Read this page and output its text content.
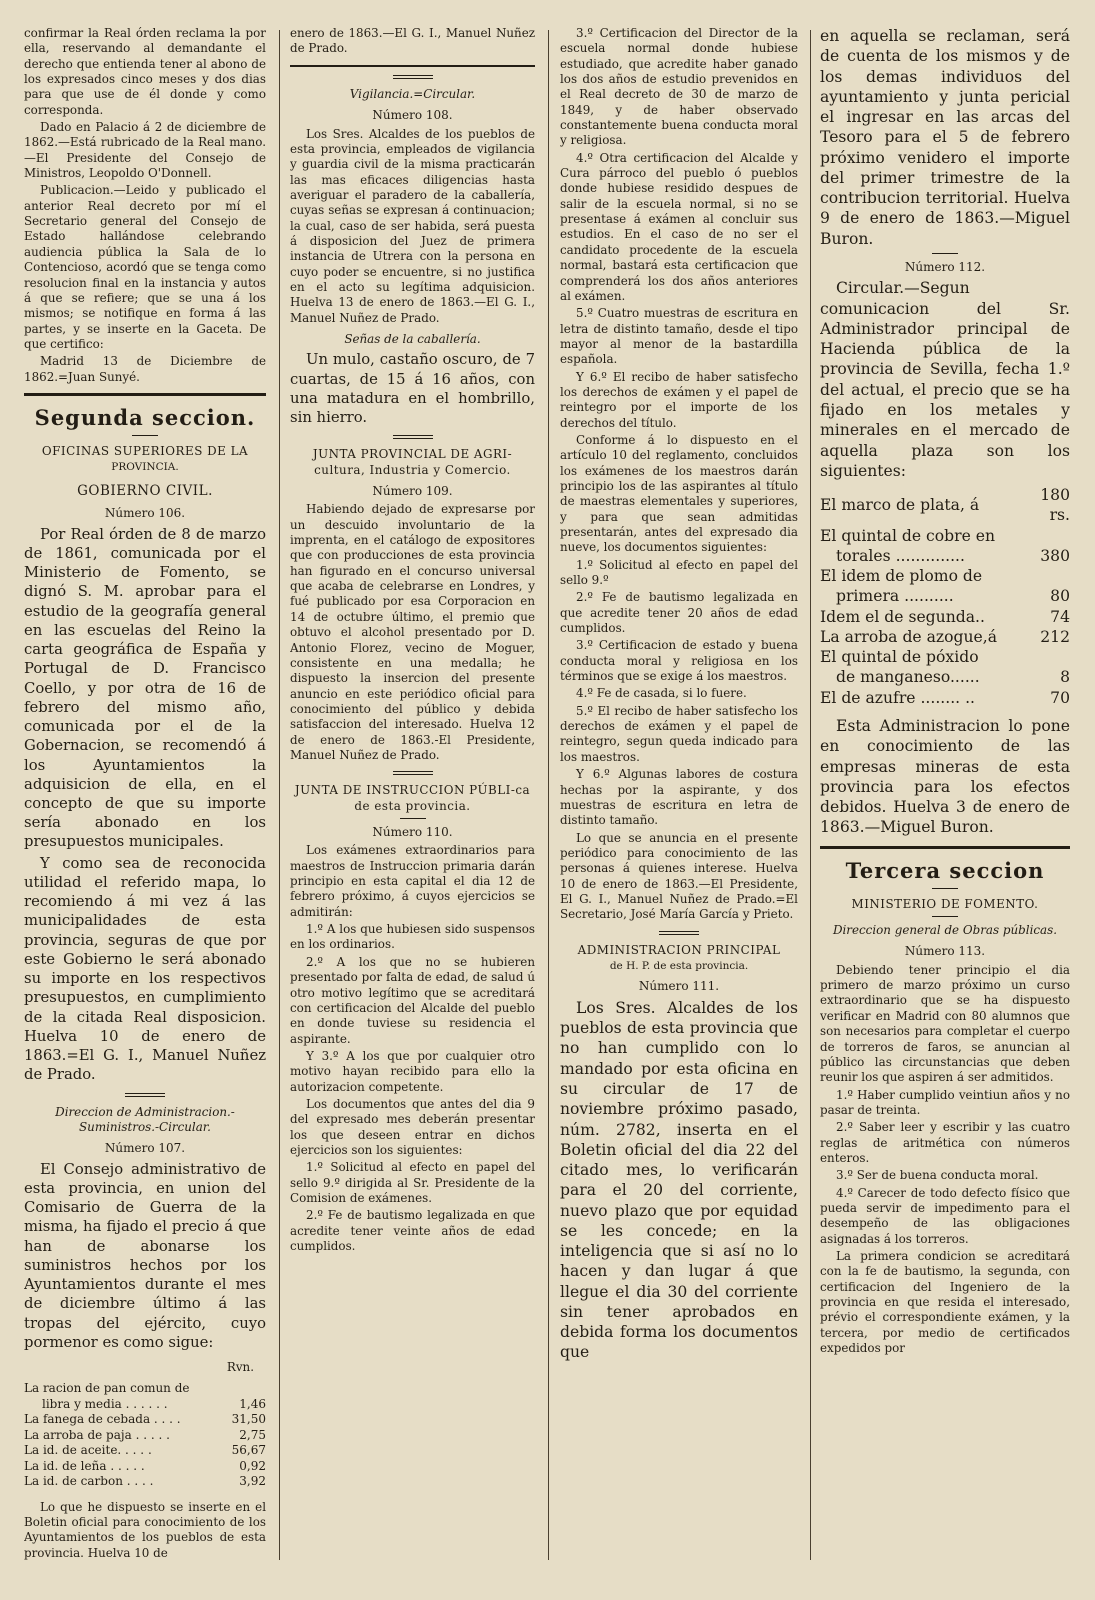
confirmar la Real órden reclama la por ella, reservando al demandante el derecho que entienda tener al abono de los expresados cinco meses y dos dias para que use de él donde y como corresponda.

Dado en Palacio á 2 de diciembre de 1862.—Está rubricado de la Real mano.—El Presidente del Consejo de Ministros, Leopoldo O'Donnell.

Publicacion.—Leido y publicado el anterior Real decreto por mí el Secretario general del Consejo de Estado hallándose celebrando audiencia pública la Sala de lo Contencioso, acordó que se tenga como resolucion final en la instancia y autos á que se refiere; que se una á los mismos; se notifique en forma á las partes, y se inserte en la Gaceta. De que certifico:

Madrid 13 de Diciembre de 1862.=Juan Sunyé.

Segunda seccion.
OFICINAS SUPERIORES DE LA
PROVINCIA.
GOBIERNO CIVIL.
Número 106.

Por Real órden de 8 de marzo de 1861, comunicada por el Ministerio de Fomento, se dignó S. M. aprobar para el estudio de la geografía general en las escuelas del Reino la carta geográfica de España y Portugal de D. Francisco Coello, y por otra de 16 de febrero del mismo año, comunicada por el de la Gobernacion, se recomendó á los Ayuntamientos la adquisicion de ella, en el concepto de que su importe sería abonado en los presupuestos municipales.

Y como sea de reconocida utilidad el referido mapa, lo recomiendo á mi vez á las municipalidades de esta provincia, seguras de que por este Gobierno le será abonado su importe en los respectivos presupuestos, en cumplimiento de la citada Real disposicion. Huelva 10 de enero de 1863.=El G. I., Manuel Nuñez de Prado.

Direccion de Administracion.-Suministros.-Circular.
Número 107.

El Consejo administrativo de esta provincia, en union del Comisario de Guerra de la misma, ha fijado el precio á que han de abonarse los suministros hechos por los Ayuntamientos durante el mes de diciembre último á las tropas del ejército, cuyo pormenor es como sigue:

Rvn.
La racion de pan comun de	
libra y media . . . . . .	1,46
La fanega de cebada . . . .	31,50
La arroba de paja . . . . .	2,75
La id. de aceite. . . . .	56,67
La id. de leña . . . . .	0,92
La id. de carbon . . . .	3,92

Lo que he dispuesto se inserte en el Boletin oficial para conocimiento de los Ayuntamientos de los pueblos de esta provincia. Huelva 10 de

enero de 1863.—El G. I., Manuel Nuñez de Prado.

Vigilancia.=Circular.
Número 108.

Los Sres. Alcaldes de los pueblos de esta provincia, empleados de vigilancia y guardia civil de la misma practicarán las mas eficaces diligencias hasta averiguar el paradero de la caballería, cuyas señas se expresan á continuacion; la cual, caso de ser habida, será puesta á disposicion del Juez de primera instancia de Utrera con la persona en cuyo poder se encuentre, si no justifica en el acto su legítima adquisicion. Huelva 13 de enero de 1863.—El G. I., Manuel Nuñez de Prado.

Señas de la caballería.

Un mulo, castaño oscuro, de 7 cuartas, de 15 á 16 años, con una matadura en el hombrillo, sin hierro.

JUNTA PROVINCIAL DE AGRI-cultura, Industria y Comercio.
Número 109.

Habiendo dejado de expresarse por un descuido involuntario de la imprenta, en el catálogo de expositores que con producciones de esta provincia han figurado en el concurso universal que acaba de celebrarse en Londres, y fué publicado por esa Corporacion en 14 de octubre último, el premio que obtuvo el alcohol presentado por D. Antonio Florez, vecino de Moguer, consistente en una medalla; he dispuesto la insercion del presente anuncio en este periódico oficial para conocimiento del público y debida satisfaccion del interesado. Huelva 12 de enero de 1863.-El Presidente, Manuel Nuñez de Prado.

JUNTA DE INSTRUCCION PÚBLI-ca de esta provincia.
Número 110.

Los exámenes extraordinarios para maestros de Instruccion primaria darán principio en esta capital el dia 12 de febrero próximo, á cuyos ejercicios se admitirán:

1.º A los que hubiesen sido suspensos en los ordinarios.

2.º A los que no se hubieren presentado por falta de edad, de salud ú otro motivo legítimo que se acreditará con certificacion del Alcalde del pueblo en donde tuviese su residencia el aspirante.

Y 3.º A los que por cualquier otro motivo hayan recibido para ello la autorizacion competente.

Los documentos que antes del dia 9 del expresado mes deberán presentar los que deseen entrar en dichos ejercicios son los siguientes:

1.º Solicitud al efecto en papel del sello 9.º dirigida al Sr. Presidente de la Comision de exámenes.

2.º Fe de bautismo legalizada en que acredite tener veinte años de edad cumplidos.

3.º Certificacion del Director de la escuela normal donde hubiese estudiado, que acredite haber ganado los dos años de estudio prevenidos en el Real decreto de 30 de marzo de 1849, y de haber observado constantemente buena conducta moral y religiosa.

4.º Otra certificacion del Alcalde y Cura párroco del pueblo ó pueblos donde hubiese residido despues de salir de la escuela normal, si no se presentase á exámen al concluir sus estudios. En el caso de no ser el candidato procedente de la escuela normal, bastará esta certificacion que comprenderá los dos años anteriores al exámen.

5.º Cuatro muestras de escritura en letra de distinto tamaño, desde el tipo mayor al menor de la bastardilla española.

Y 6.º El recibo de haber satisfecho los derechos de exámen y el papel de reintegro por el importe de los derechos del título.

Conforme á lo dispuesto en el artículo 10 del reglamento, concluidos los exámenes de los maestros darán principio los de las aspirantes al título de maestras elementales y superiores, y para que sean admitidas presentarán, antes del expresado dia nueve, los documentos siguientes:

1.º Solicitud al efecto en papel del sello 9.º

2.º Fe de bautismo legalizada en que acredite tener 20 años de edad cumplidos.

3.º Certificacion de estado y buena conducta moral y religiosa en los términos que se exige á los maestros.

4.º Fe de casada, si lo fuere.

5.º El recibo de haber satisfecho los derechos de exámen y el papel de reintegro, segun queda indicado para los maestros.

Y 6.º Algunas labores de costura hechas por la aspirante, y dos muestras de escritura en letra de distinto tamaño.

Lo que se anuncia en el presente periódico para conocimiento de las personas á quienes interese. Huelva 10 de enero de 1863.—El Presidente, El G. I., Manuel Nuñez de Prado.=El Secretario, José María García y Prieto.

ADMINISTRACION PRINCIPAL
de H. P. de esta provincia.
Número 111.

Los Sres. Alcaldes de los pueblos de esta provincia que no han cumplido con lo mandado por esta oficina en su circular de 17 de noviembre próximo pasado, núm. 2782, inserta en el Boletin oficial del dia 22 del citado mes, lo verificarán para el 20 del corriente, nuevo plazo que por equidad se les concede; en la inteligencia que si así no lo hacen y dan lugar á que llegue el dia 30 del corriente sin tener aprobados en debida forma los documentos que

en aquella se reclaman, será de cuenta de los mismos y de los demas individuos del ayuntamiento y junta pericial el ingresar en las arcas del Tesoro para el 5 de febrero próximo venidero el importe del primer trimestre de la contribucion territorial. Huelva 9 de enero de 1863.—Miguel Buron.

Número 112.

Circular.—Segun comunicacion del Sr. Administrador principal de Hacienda pública de la provincia de Sevilla, fecha 1.º del actual, el precio que se ha fijado en los metales y minerales en el mercado de aquella plaza son los siguientes:

El marco de plata, á	180 rs.
El quintal de cobre en	
torales ..............	380
El idem de plomo de	
primera ..........	80
Idem el de segunda..	74
La arroba de azogue,á	212
El quintal de póxido	
de manganeso......	8
El de azufre ........ ..	70

Esta Administracion lo pone en conocimiento de las empresas mineras de esta provincia para los efectos debidos. Huelva 3 de enero de 1863.—Miguel Buron.

Tercera seccion
MINISTERIO DE FOMENTO.
Direccion general de Obras públicas.
Número 113.

Debiendo tener principio el dia primero de marzo próximo un curso extraordinario que se ha dispuesto verificar en Madrid con 80 alumnos que son necesarios para completar el cuerpo de torreros de faros, se anuncian al público las circunstancias que deben reunir los que aspiren á ser admitidos.

1.º Haber cumplido veintiun años y no pasar de treinta.

2.º Saber leer y escribir y las cuatro reglas de aritmética con números enteros.

3.º Ser de buena conducta moral.

4.º Carecer de todo defecto físico que pueda servir de impedimento para el desempeño de las obligaciones asignadas á los torreros.

La primera condicion se acreditará con la fe de bautismo, la segunda, con certificacion del Ingeniero de la provincia en que resida el interesado, prévio el correspondiente exámen, y la tercera, por medio de certificados expedidos por
